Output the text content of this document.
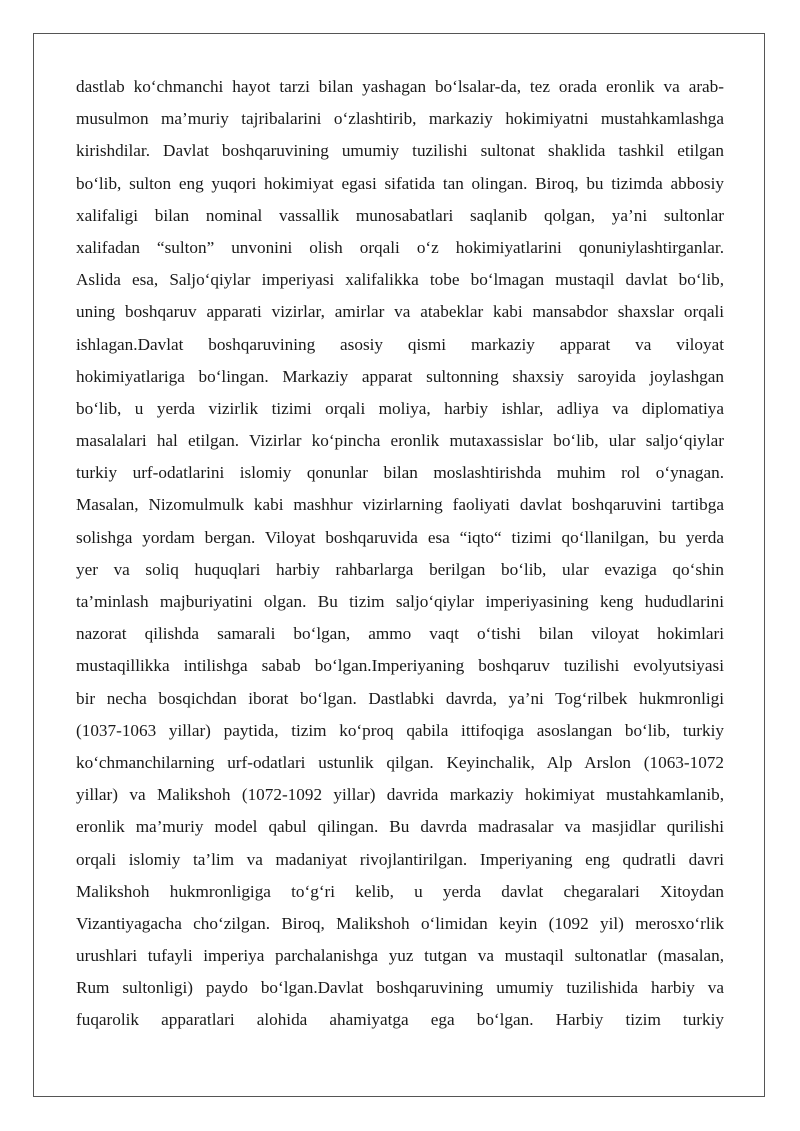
dastlab ko‘chmanchi hayot tarzi bilan yashagan bo‘lsalar-da, tez orada eronlik va arab-
musulmon ma’muriy tajribalarini o‘zlashtirib, markaziy hokimiyatni mustahkamlashga
kirishdilar. Davlat boshqaruvining umumiy tuzilishi sultonat shaklida tashkil etilgan
bo‘lib, sulton eng yuqori hokimiyat egasi sifatida tan olingan. Biroq, bu tizimda abbosiy
xalifaligi bilan nominal vassallik munosabatlari saqlanib qolgan, ya’ni sultonlar
xalifadan “sulton” unvonini olish orqali o‘z hokimiyatlarini qonuniylashtirganlar.
Aslida esa, Saljo‘qiylar imperiyasi xalifalikka tobe bo‘lmagan mustaqil davlat bo‘lib,
uning boshqaruv apparati vizirlar, amirlar va atabeklar kabi mansabdor shaxslar orqali
ishlagan.Davlat boshqaruvining asosiy qismi markaziy apparat va viloyat
hokimiyatlariga bo‘lingan. Markaziy apparat sultonning shaxsiy saroyida joylashgan
bo‘lib, u yerda vizirlik tizimi orqali moliya, harbiy ishlar, adliya va diplomatiya
masalalari hal etilgan. Vizirlar ko‘pincha eronlik mutaxassislar bo‘lib, ular saljo‘qiylar
turkiy urf-odatlarini islomiy qonunlar bilan moslashtirishda muhim rol o‘ynagan.
Masalan, Nizomulmulk kabi mashhur vizirlarning faoliyati davlat boshqaruvini tartibga
solishga yordam bergan. Viloyat boshqaruvida esa “iqto“ tizimi qo‘llanilgan, bu yerda
yer va soliq huquqlari harbiy rahbarlarga berilgan bo‘lib, ular evaziga qo‘shin
ta’minlash majburiyatini olgan. Bu tizim saljo‘qiylar imperiyasining keng hududlarini
nazorat qilishda samarali bo‘lgan, ammo vaqt o‘tishi bilan viloyat hokimlari
mustaqillikka intilishga sabab bo‘lgan.Imperiyaning boshqaruv tuzilishi evolyutsiyasi
bir necha bosqichdan iborat bo‘lgan. Dastlabki davrda, ya’ni Tog‘rilbek hukmronligi
(1037-1063 yillar) paytida, tizim ko‘proq qabila ittifoqiga asoslangan bo‘lib, turkiy
ko‘chmanchilarning urf-odatlari ustunlik qilgan. Keyinchalik, Alp Arslon (1063-1072
yillar) va Malikshoh (1072-1092 yillar) davrida markaziy hokimiyat mustahkamlanib,
eronlik ma’muriy model qabul qilingan. Bu davrda madrasalar va masjidlar qurilishi
orqali islomiy ta’lim va madaniyat rivojlantirilgan. Imperiyaning eng qudratli davri
Malikshoh hukmronligiga to‘g‘ri kelib, u yerda davlat chegaralari Xitoydan
Vizantiyagacha cho‘zilgan. Biroq, Malikshoh o‘limidan keyin (1092 yil) merosxo‘rlik
urushlari tufayli imperiya parchalanishga yuz tutgan va mustaqil sultonatlar (masalan,
Rum sultonligi) paydo bo‘lgan.Davlat boshqaruvining umumiy tuzilishida harbiy va
fuqarolik apparatlari alohida ahamiyatga ega bo‘lgan. Harbiy tizim turkiy
